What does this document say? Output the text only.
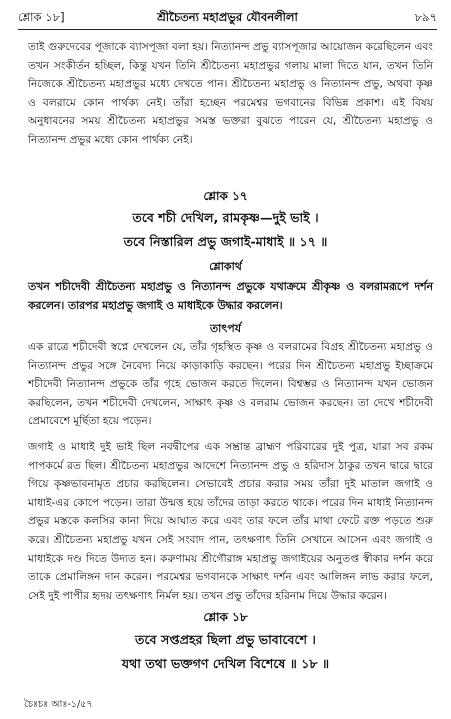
শ্লোক ১৮]	শ্রীচৈতন্য মহাপ্রভুর যৌবনলীলা	৮৯৭
তাই গুরুদেবের পূজাকে ব্যাসপূজা বলা হয়। নিত্যানন্দ প্রভু ব্যাসপূজার আয়োজন করেছিলেন এবং তখন সংকীর্তন হচ্ছিল, কিন্তু যখন তিনি শ্রীচৈতন্য মহাপ্রভুর গলায় মালা দিতে যান, তখন তিনি নিজেকে শ্রীচৈতন্য মহাপ্রভুর মধ্যে দেখতে পান। শ্রীচৈতন্য মহাপ্রভু ও নিত্যানন্দ প্রভু, অথবা কৃষ্ণ ও বলরামে কোন পার্থক্য নেই। তাঁরা হচ্ছেন পরমেশ্বর ভগবানের বিভিন্ন প্রকাশ। এই বিষয় অনুধাবনের সময় শ্রীচৈতন্য মহাপ্রভুর সমস্ত ভক্তরা বুঝতে পারেন যে, শ্রীচৈতন্য মহাপ্রভু ও নিত্যানন্দ প্রভুর মধ্যে কোন পার্থক্য নেই।
শ্লোক ১৭
তবে শচী দেখিল, রামকৃষ্ণ—দুই ভাই ।
তবে নিস্তারিল প্রভু জগাই-মাধাই ॥ ১৭ ॥
শ্লোকার্থ
তখন শচীদেবী শ্রীচৈতন্য মহাপ্রভু ও নিত্যানন্দ প্রভুকে যথাক্রমে শ্রীকৃষ্ণ ও বলরামরূপে দর্শন করলেন। তারপর মহাপ্রভু জগাই ও মাধাইকে উদ্ধার করলেন।
তাৎপর্য
এক রাত্রে শচীদেবী স্বপ্নে দেখলেন যে, তাঁর গৃহস্থিত কৃষ্ণ ও বলরামের বিগ্রহ শ্রীচৈতন্য মহাপ্রভু ও নিত্যানন্দ প্রভুর সঙ্গে নৈবেদ্য নিয়ে কাড়াকাড়ি করছেন। পরের দিন শ্রীচৈতন্য মহাপ্রভু ইচ্ছাক্রমে শচীদেবী নিত্যানন্দ প্রভুকে তাঁর গৃহে ভোজন করতে দিলেন। বিশ্বম্ভর ও নিত্যানন্দ যখন ভোজন করছিলেন, তখন শচীদেবী দেখলেন, সাক্ষাৎ কৃষ্ণ ও বলরাম ভোজন করছেন। তা দেখে শচীদেবী প্রেমাবেশে মূর্ছিতা হয়ে পড়েন।
জগাই ও মাধাই দুই ভাই ছিল নবদ্বীপের এক সম্ভ্রান্ত ব্রাহ্মণ পরিবারের দুই পুত্র, যারা সব রকম পাপকর্মে রত ছিল। শ্রীচৈতন্য মহাপ্রভুর আদেশে নিত্যানন্দ প্রভু ও হরিদাস ঠাকুর তখন দ্বারে দ্বারে গিয়ে কৃষ্ণভাবনামৃত প্রচার করছিলেন। সেভাবেই প্রচার করার সময় তাঁরা দুই মাতাল জগাই ও মাধাই-এর কোপে পড়েন। তারা উন্মত্ত হয়ে তাঁদের তাড়া করতে থাকে। পরের দিন মাধাই নিত্যানন্দ প্রভুর মস্তকে কলসির কানা দিয়ে আঘাত করে এবং তার ফলে তাঁর মাথা ফেটে রক্ত পড়তে শুরু করে। শ্রীচৈতন্য মহাপ্রভু যখন সেই সংবাদ পান, তৎক্ষণাৎ তিনি সেখানে আসেন এবং জগাই ও মাধাইকে দণ্ড দিতে উদ্যত হন। করুণাময় শ্রীগৌরাঙ্গ মহাপ্রভু জগাইয়ের অনুতপ্ত স্বীকার দর্শন করে তাকে প্রেমালিঙ্গন দান করেন। পরমেশ্বর ভগবানকে সাক্ষাৎ দর্শন এবং আলিঙ্গন লাভ করার ফলে, সেই দুই পাপীর হৃদয় তৎক্ষণাৎ নির্মল হয়। তখন প্রভু তাঁদের হরিনাম দিয়ে উদ্ধার করেন।
শ্লোক ১৮
তবে সপ্তপ্রহর ছিলা প্রভু ভাবাবেশে ।
যথা তথা ভক্তগণ দেখিল বিশেষে ॥ ১৮ ॥
চৈঃচঃ আঃ-১/৫৭
